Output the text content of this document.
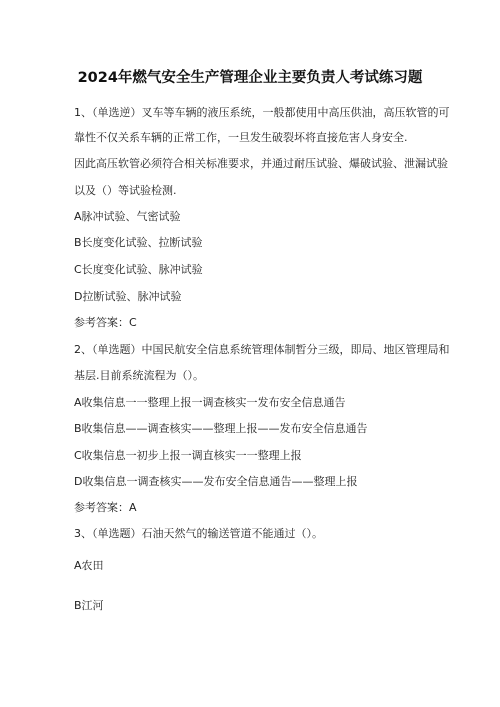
2024年燃气安全生产管理企业主要负责人考试练习题
1、（单选逆）叉车等车辆的液压系统，一般都使用中高压供油，高压软管的可
靠性不仅关系车辆的正常工作，一旦发生破裂坏将直接危害人身安全.
因此高压软管必须符合相关标准要求，并通过耐压试验、爆破试验、泄漏试验
以及（）等试验检测.
A脉冲试验、气密试验
B长度变化试验、拉断试验
C长度变化试验、脉冲试验
D拉断试验、脉冲试验
参考答案：C
2、（单选题）中国民航安全信息系统管理体制暂分三级，即局、地区管理局和
基层.目前系统流程为（）。
A收集信息一一整理上报一调查核实一发布安全信息通告
B收集信息——调查核实——整理上报——发布安全信息通告
C收集信息一初步上报一调直核实一一整理上报
D收集信息一调查核实——发布安全信息通告——整理上报
参考答案：A
3、（单选题）石油天然气的输送管道不能通过（）。
A农田
B江河
